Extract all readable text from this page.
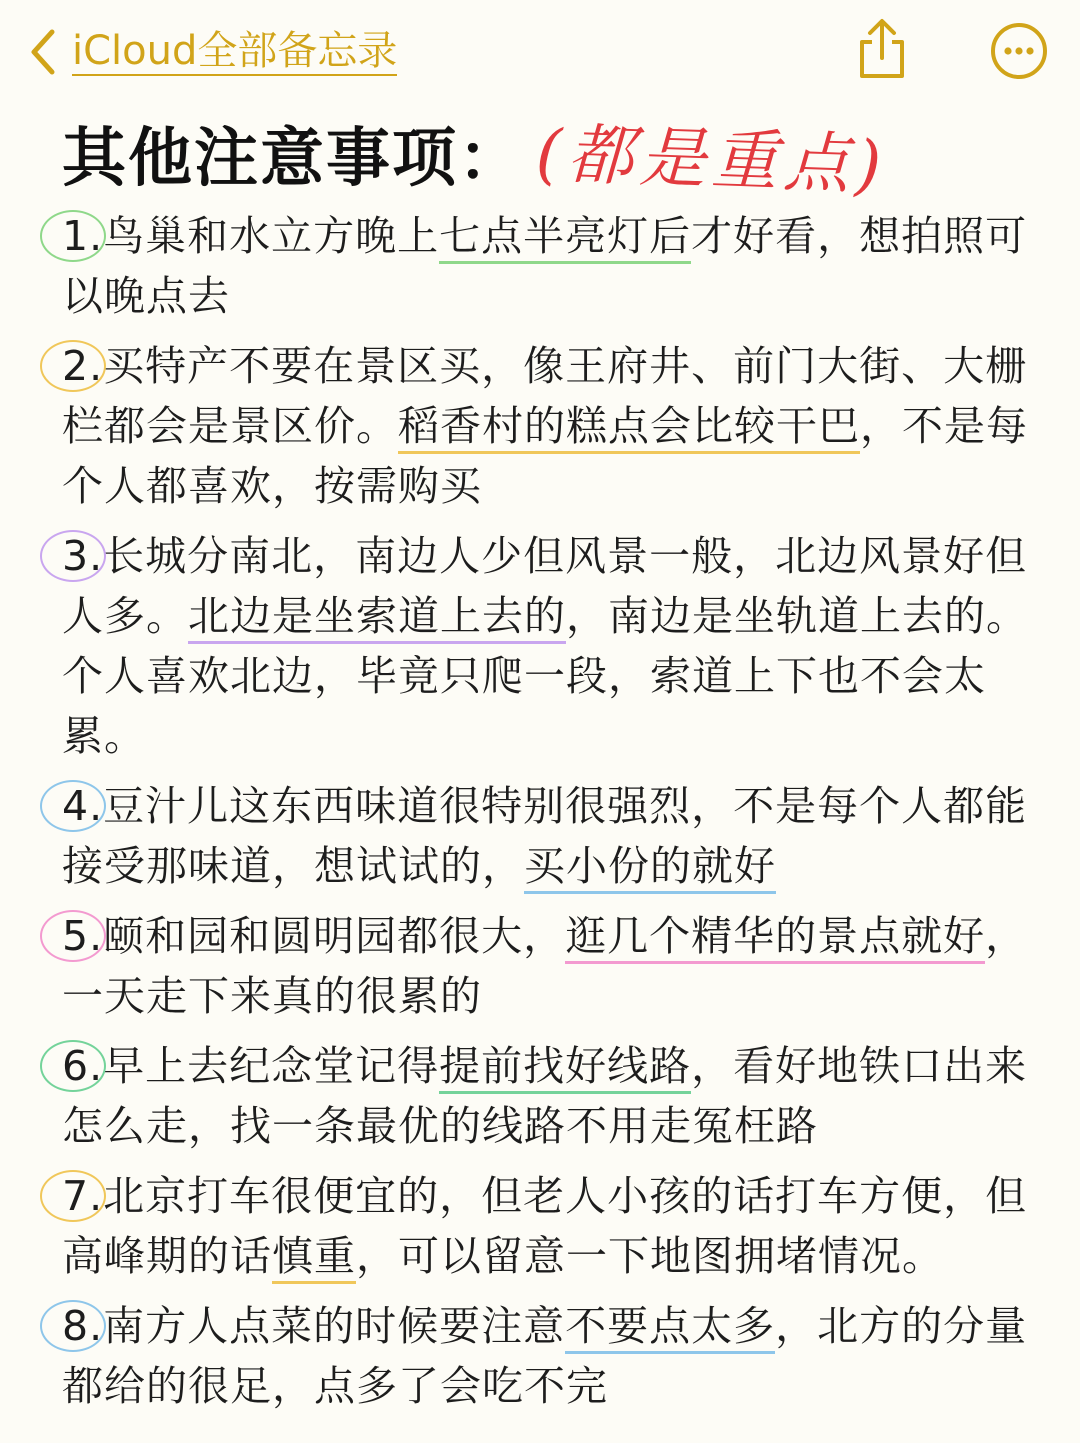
iCloud全部备忘录
其他注意事项： (都是重点)
1.鸟巢和水立方晚上七点半亮灯后才好看，想拍照可以晚点去
2.买特产不要在景区买，像王府井、前门大街、大栅栏都会是景区价。稻香村的糕点会比较干巴，不是每个人都喜欢，按需购买
3.长城分南北，南边人少但风景一般，北边风景好但人多。北边是坐索道上去的，南边是坐轨道上去的。个人喜欢北边，毕竟只爬一段，索道上下也不会太累。
4.豆汁儿这东西味道很特别很强烈，不是每个人都能接受那味道，想试试的，买小份的就好
5.颐和园和圆明园都很大，逛几个精华的景点就好，一天走下来真的很累的
6.早上去纪念堂记得提前找好线路，看好地铁口出来怎么走，找一条最优的线路不用走冤枉路
7.北京打车很便宜的，但老人小孩的话打车方便，但高峰期的话慎重，可以留意一下地图拥堵情况。
8.南方人点菜的时候要注意不要点太多，北方的分量都给的很足，点多了会吃不完
